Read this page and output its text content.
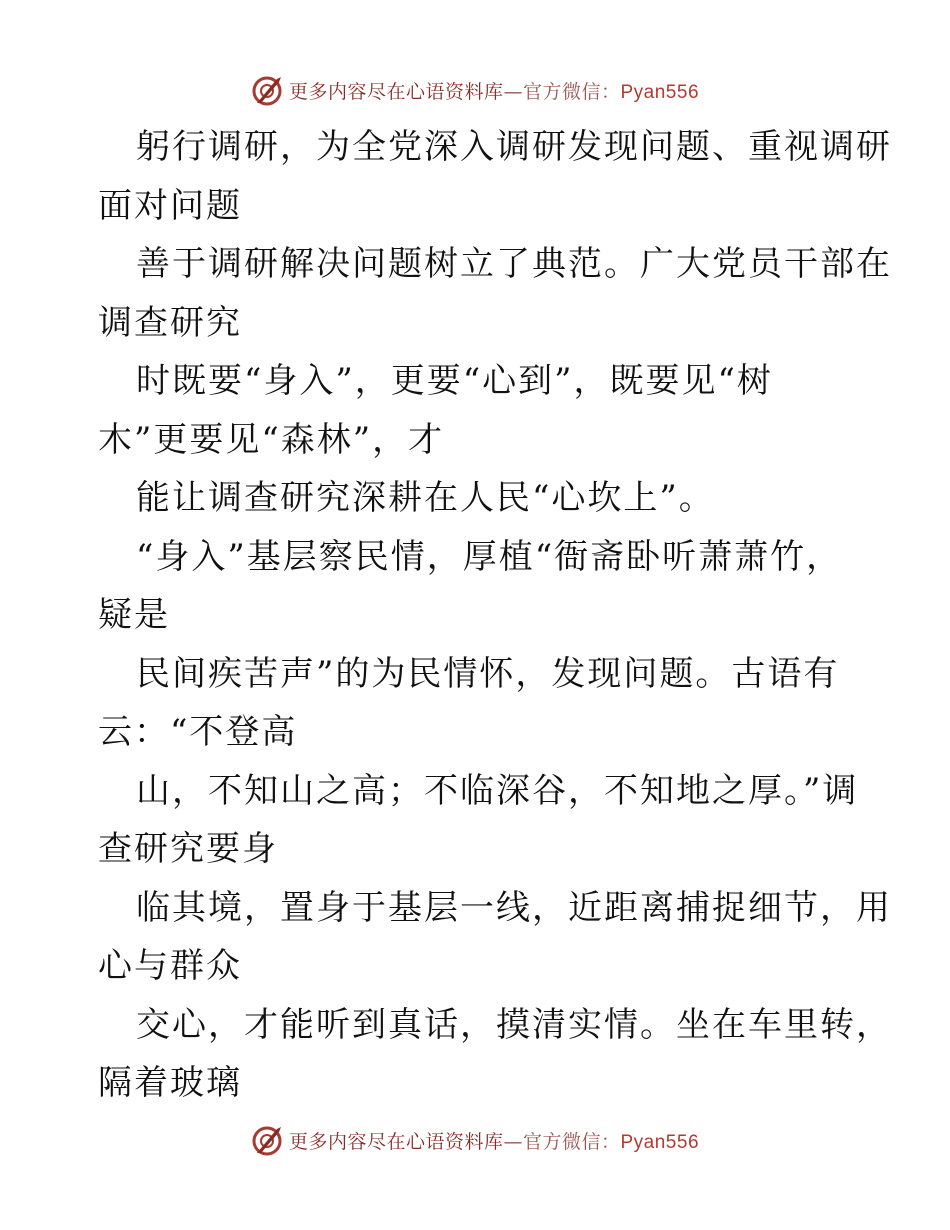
更多内容尽在心语资料库—官方微信：Pyan556
躬行调研，为全党深入调研发现问题、重视调研
面对问题
善于调研解决问题树立了典范。广大党员干部在
调查研究
时既要“身入”，更要“心到”，既要见“树
木”更要见“森林”，才
能让调查研究深耕在人民“心坎上”。
“身入”基层察民情，厚植“衙斋卧听萧萧竹，
疑是
民间疾苦声”的为民情怀，发现问题。古语有
云：“不登高
山，不知山之高；不临深谷，不知地之厚。”调
查研究要身
临其境，置身于基层一线，近距离捕捉细节，用
心与群众
交心，才能听到真话，摸清实情。坐在车里转，
隔着玻璃
更多内容尽在心语资料库—官方微信：Pyan556
